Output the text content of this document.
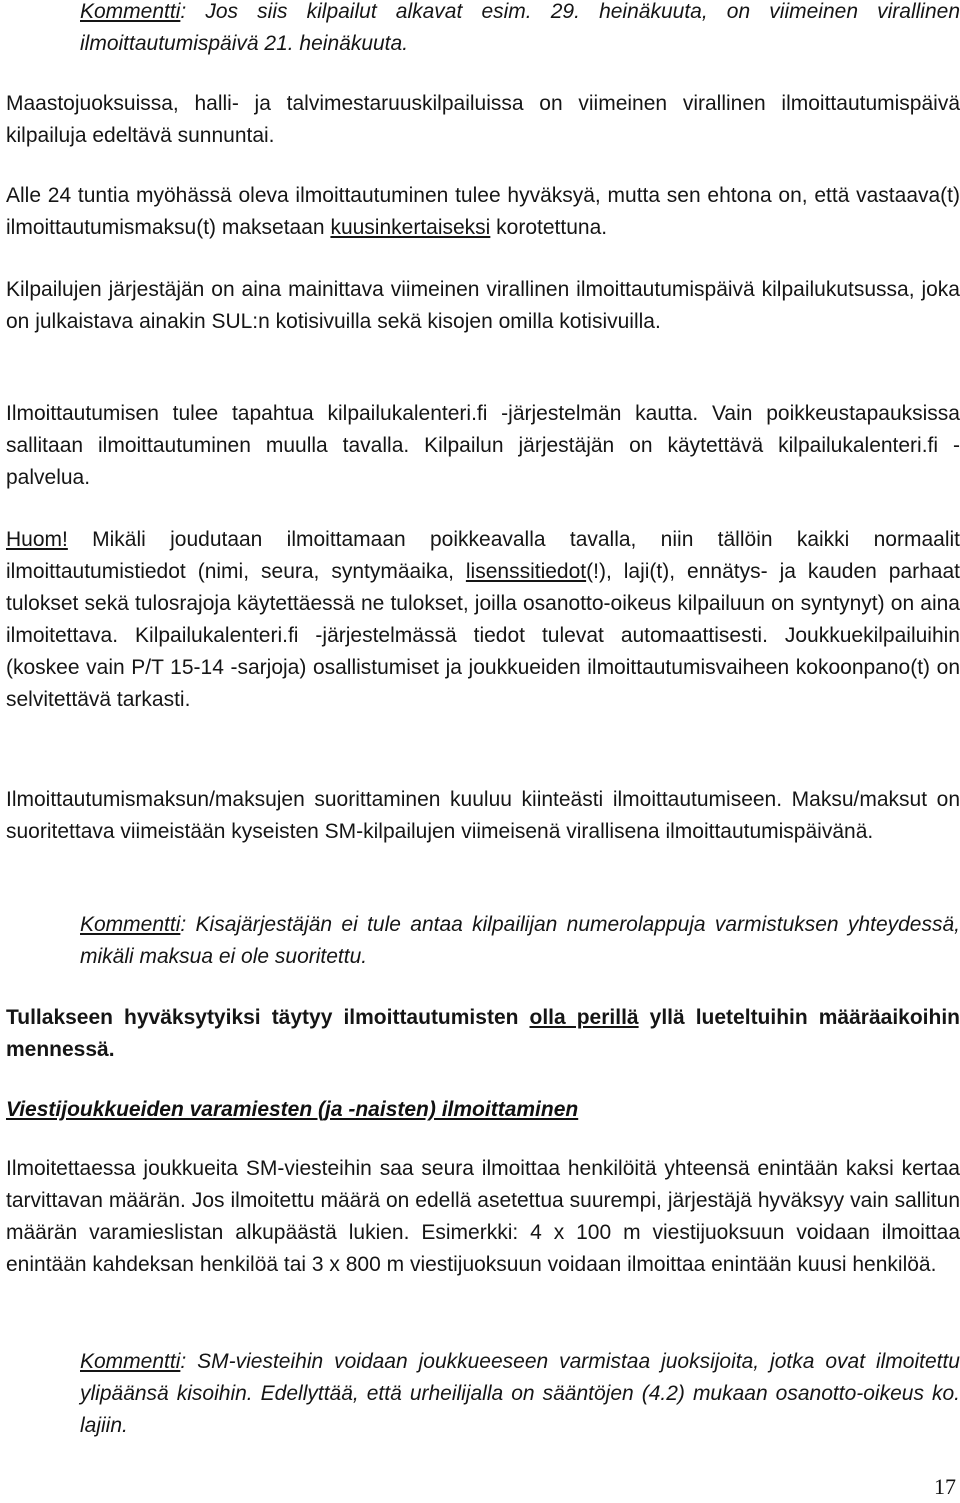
Kommentti: Jos siis kilpailut alkavat esim. 29. heinäkuuta, on viimeinen virallinen ilmoittautumispäivä 21. heinäkuuta.

Maastojuoksuissa, halli- ja talvimestaruuskilpailuissa on viimeinen virallinen ilmoittautumispäivä kilpailuja edeltävä sunnuntai.

Alle 24 tuntia myöhässä oleva ilmoittautuminen tulee hyväksyä, mutta sen ehtona on, että vastaava(t) ilmoittautumismaksu(t) maksetaan kuusinkertaiseksi korotettuna.

Kilpailujen järjestäjän on aina mainittava viimeinen virallinen ilmoittautumispäivä kilpailukutsussa, joka on julkaistava ainakin SUL:n kotisivuilla sekä kisojen omilla kotisivuilla.

Ilmoittautumisen tulee tapahtua kilpailukalenteri.fi -järjestelmän kautta. Vain poikkeustapauksissa sallitaan ilmoittautuminen muulla tavalla. Kilpailun järjestäjän on käytettävä kilpailukalenteri.fi -palvelua.

Huom! Mikäli joudutaan ilmoittamaan poikkeavalla tavalla, niin tällöin kaikki normaalit ilmoittautumistiedot (nimi, seura, syntymäaika, lisenssitiedot(!), laji(t), ennätys- ja kauden parhaat tulokset sekä tulosrajoja käytettäessä ne tulokset, joilla osanotto-oikeus kilpailuun on syntynyt) on aina ilmoitettava. Kilpailukalenteri.fi -järjestelmässä tiedot tulevat automaattisesti. Joukkuekilpailuihin (koskee vain P/T 15-14 -sarjoja) osallistumiset ja joukkueiden ilmoittautumisvaiheen kokoonpano(t) on selvitettävä tarkasti.

Ilmoittautumismaksun/maksujen suorittaminen kuuluu kiinteästi ilmoittautumiseen. Maksu/maksut on suoritettava viimeistään kyseisten SM-kilpailujen viimeisenä virallisena ilmoittautumispäivänä.

Kommentti: Kisajärjestäjän ei tule antaa kilpailijan numerolappuja varmistuksen yhteydessä, mikäli maksua ei ole suoritettu.

Tullakseen hyväksytyiksi täytyy ilmoittautumisten olla perillä yllä lueteltuihin määräaikoihin mennessä.

Viestijoukkueiden varamiesten (ja -naisten) ilmoittaminen

Ilmoitettaessa joukkueita SM-viesteihin saa seura ilmoittaa henkilöitä yhteensä enintään kaksi kertaa tarvittavan määrän. Jos ilmoitettu määrä on edellä asetettua suurempi, järjestäjä hyväksyy vain sallitun määrän varamieslistan alkupäästä lukien. Esimerkki: 4 x 100 m viestijuoksuun voidaan ilmoittaa enintään kahdeksan henkilöä tai 3 x 800 m viestijuoksuun voidaan ilmoittaa enintään kuusi henkilöä.

Kommentti: SM-viesteihin voidaan joukkueeseen varmistaa juoksijoita, jotka ovat ilmoitettu ylipäänsä kisoihin. Edellyttää, että urheilijalla on sääntöjen (4.2) mukaan osanotto-oikeus ko. lajiin.

17
